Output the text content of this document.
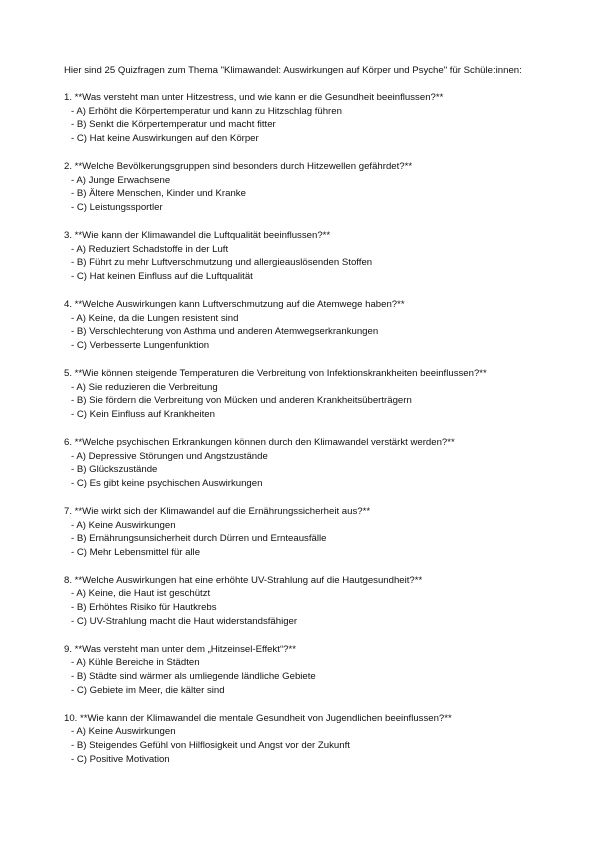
Hier sind 25 Quizfragen zum Thema "Klimawandel: Auswirkungen auf Körper und Psyche" für Schüle:innen:

1. **Was versteht man unter Hitzestress, und wie kann er die Gesundheit beeinflussen?**
- A) Erhöht die Körpertemperatur und kann zu Hitzschlag führen
- B) Senkt die Körpertemperatur und macht fitter
- C) Hat keine Auswirkungen auf den Körper
2. **Welche Bevölkerungsgruppen sind besonders durch Hitzewellen gefährdet?**
- A) Junge Erwachsene
- B) Ältere Menschen, Kinder und Kranke
- C) Leistungssportler
3. **Wie kann der Klimawandel die Luftqualität beeinflussen?**
- A) Reduziert Schadstoffe in der Luft
- B) Führt zu mehr Luftverschmutzung und allergieauslösenden Stoffen
- C) Hat keinen Einfluss auf die Luftqualität
4. **Welche Auswirkungen kann Luftverschmutzung auf die Atemwege haben?**
- A) Keine, da die Lungen resistent sind
- B) Verschlechterung von Asthma und anderen Atemwegserkrankungen
- C) Verbesserte Lungenfunktion
5. **Wie können steigende Temperaturen die Verbreitung von Infektionskrankheiten beeinflussen?**
- A) Sie reduzieren die Verbreitung
- B) Sie fördern die Verbreitung von Mücken und anderen Krankheitsüberträgern
- C) Kein Einfluss auf Krankheiten
6. **Welche psychischen Erkrankungen können durch den Klimawandel verstärkt werden?**
- A) Depressive Störungen und Angstzustände
- B) Glückszustände
- C) Es gibt keine psychischen Auswirkungen
7. **Wie wirkt sich der Klimawandel auf die Ernährungssicherheit aus?**
- A) Keine Auswirkungen
- B) Ernährungsunsicherheit durch Dürren und Ernteausfälle
- C) Mehr Lebensmittel für alle
8. **Welche Auswirkungen hat eine erhöhte UV-Strahlung auf die Hautgesundheit?**
- A) Keine, die Haut ist geschützt
- B) Erhöhtes Risiko für Hautkrebs
- C) UV-Strahlung macht die Haut widerstandsfähiger
9. **Was versteht man unter dem „Hitzeinsel-Effekt“?**
- A) Kühle Bereiche in Städten
- B) Städte sind wärmer als umliegende ländliche Gebiete
- C) Gebiete im Meer, die kälter sind
10. **Wie kann der Klimawandel die mentale Gesundheit von Jugendlichen beeinflussen?**
- A) Keine Auswirkungen
- B) Steigendes Gefühl von Hilflosigkeit und Angst vor der Zukunft
- C) Positive Motivation
